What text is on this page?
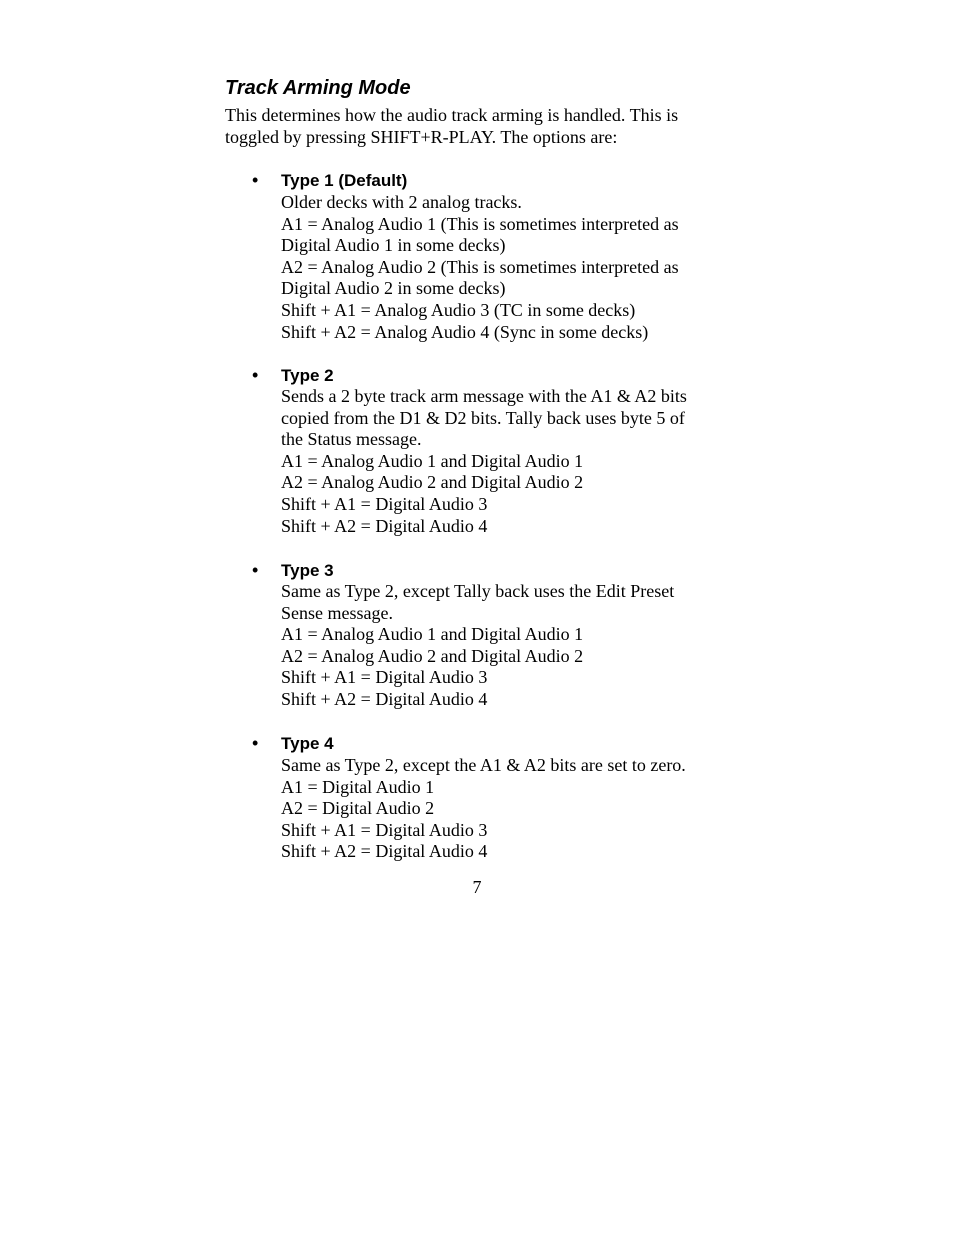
Track Arming Mode

This determines how the audio track arming is handled. This is
toggled by pressing SHIFT+R-PLAY. The options are:

• Type 1 (Default)
Older decks with 2 analog tracks.
A1 = Analog Audio 1 (This is sometimes interpreted as
Digital Audio 1 in some decks)
A2 = Analog Audio 2 (This is sometimes interpreted as
Digital Audio 2 in some decks)
Shift + A1 = Analog Audio 3 (TC in some decks)
Shift + A2 = Analog Audio 4 (Sync in some decks)
• Type 2
Sends a 2 byte track arm message with the A1 & A2 bits
copied from the D1 & D2 bits. Tally back uses byte 5 of
the Status message.
A1 = Analog Audio 1 and Digital Audio 1
A2 = Analog Audio 2 and Digital Audio 2
Shift + A1 = Digital Audio 3
Shift + A2 = Digital Audio 4
• Type 3
Same as Type 2, except Tally back uses the Edit Preset
Sense message.
A1 = Analog Audio 1 and Digital Audio 1
A2 = Analog Audio 2 and Digital Audio 2
Shift + A1 = Digital Audio 3
Shift + A2 = Digital Audio 4
• Type 4
Same as Type 2, except the A1 & A2 bits are set to zero.
A1 = Digital Audio 1
A2 = Digital Audio 2
Shift + A1 = Digital Audio 3
Shift + A2 = Digital Audio 4
7
